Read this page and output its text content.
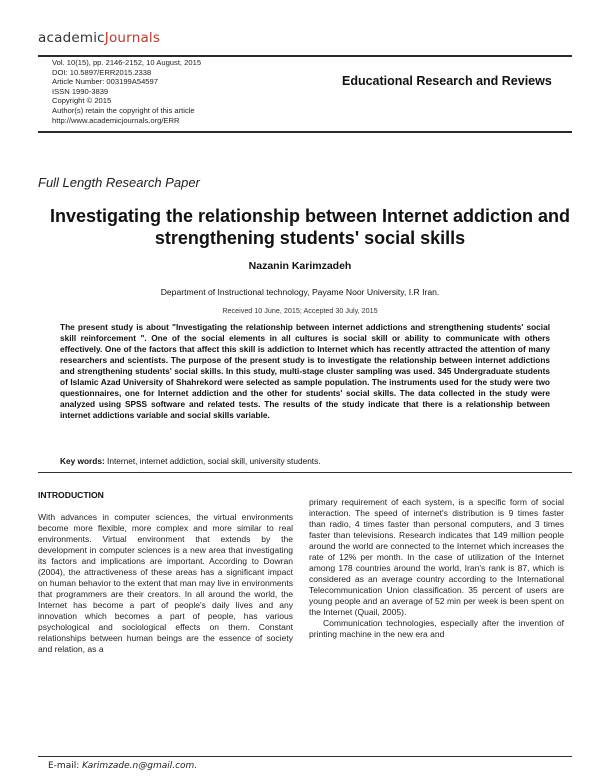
academicJournals
Vol. 10(15), pp. 2146-2152, 10 August, 2015
DOI: 10.5897/ERR2015.2338
Article Number: 003199A54597
ISSN 1990-3839
Copyright © 2015
Author(s) retain the copyright of this article
http://www.academicjournals.org/ERR
Educational Research and Reviews
Full Length Research Paper
Investigating the relationship between Internet addiction and strengthening students' social skills
Nazanin Karimzadeh
Department of Instructional technology, Payame Noor University, I.R Iran.
Received 10 June, 2015; Accepted 30 July, 2015
The present study is about "Investigating the relationship between internet addictions and strengthening students' social skill reinforcement ". One of the social elements in all cultures is social skill or ability to communicate with others effectively. One of the factors that affect this skill is addiction to Internet which has recently attracted the attention of many researchers and scientists. The purpose of the present study is to investigate the relationship between internet addictions and strengthening students' social skills. In this study, multi-stage cluster sampling was used. 345 Undergraduate students of Islamic Azad University of Shahrekord were selected as sample population. The instruments used for the study were two questionnaires, one for Internet addiction and the other for students' social skills. The data collected in the study were analyzed using SPSS software and related tests. The results of the study indicate that there is a relationship between internet addictions variable and social skills variable.
Key words: Internet, internet addiction, social skill, university students.
INTRODUCTION

With advances in computer sciences, the virtual environments become more flexible, more complex and more similar to real environments. Virtual environment that extends by the development in computer sciences is a new area that investigating its factors and implications are important. According to Dowran (2004), the attractiveness of these areas has a significant impact on human behavior to the extent that man may live in environments that programmers are their creators. In all around the world, the Internet has become a part of people's daily lives and any innovation which becomes a part of people, has various psychological and sociological effects on them. Constant relationships between human beings are the essence of society and relation, as a

primary requirement of each system, is a specific form of social interaction. The speed of internet's distribution is 9 times faster than radio, 4 times faster than personal computers, and 3 times faster than televisions. Research indicates that 149 million people around the world are connected to the Internet which increases the rate of 12% per month. In the case of utilization of the Internet among 178 countries around the world, Iran's rank is 87, which is considered as an average country according to the International Telecommunication Union classification. 35 percent of users are young people and an average of 52 min per week is been spent on the Internet (Quail, 2005).

Communication technologies, especially after the invention of printing machine in the new era and

E-mail: Karimzade.n@gmail.com.
